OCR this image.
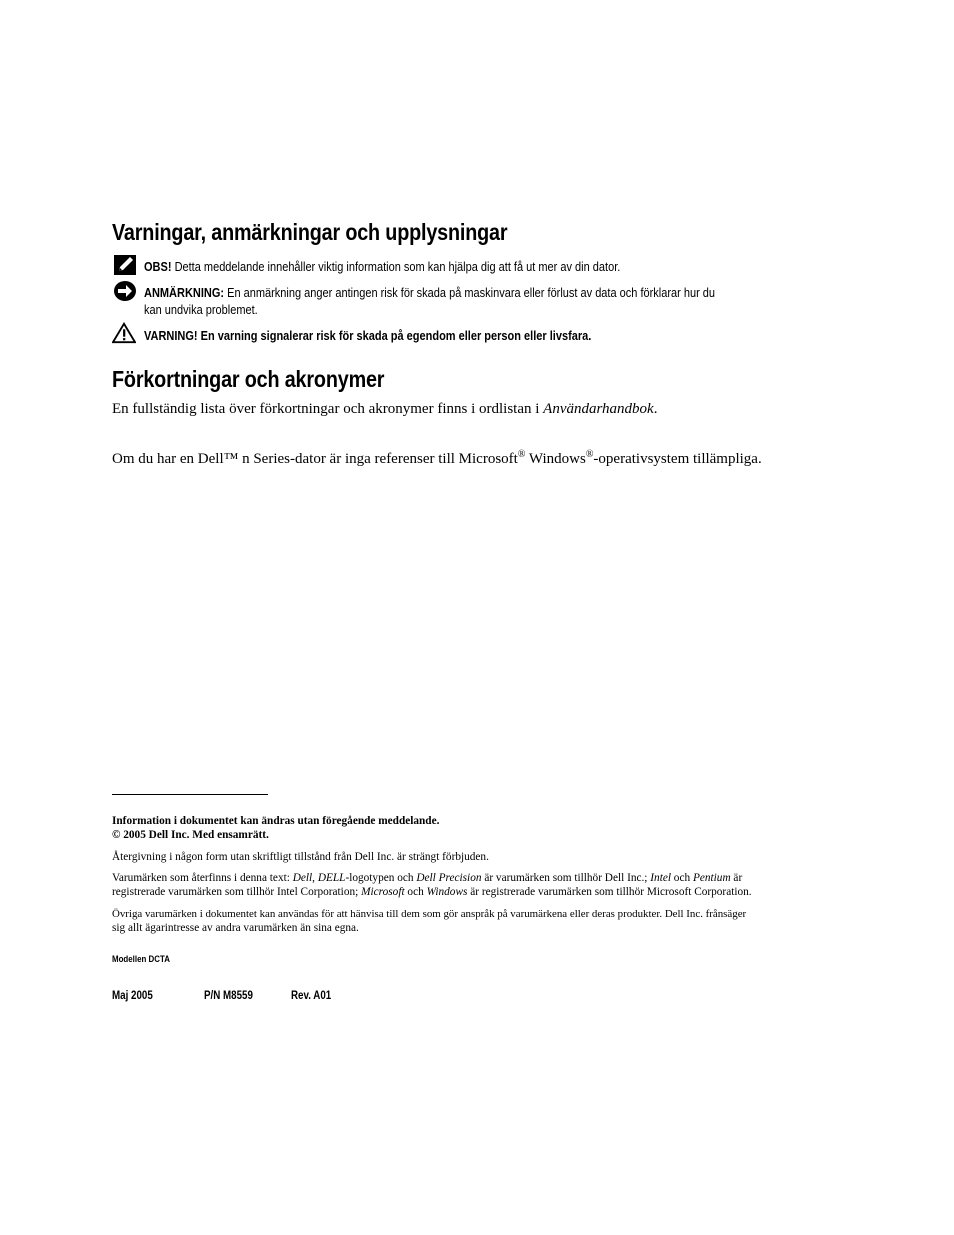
Varningar, anmärkningar och upplysningar
OBS! Detta meddelande innehåller viktig information som kan hjälpa dig att få ut mer av din dator.
ANMÄRKNING: En anmärkning anger antingen risk för skada på maskinvara eller förlust av data och förklarar hur du
kan undvika problemet.
VARNING! En varning signalerar risk för skada på egendom eller person eller livsfara.
Förkortningar och akronymer
En fullständig lista över förkortningar och akronymer finns i ordlistan i Användarhandbok.
Om du har en Dell™ n Series-dator är inga referenser till Microsoft® Windows®-operativsystem tillämpliga.
Information i dokumentet kan ändras utan föregående meddelande.
© 2005 Dell Inc. Med ensamrätt.
Återgivning i någon form utan skriftligt tillstånd från Dell Inc. är strängt förbjuden.
Varumärken som återfinns i denna text: Dell, DELL-logotypen och Dell Precision är varumärken som tillhör Dell Inc.; Intel och Pentium är
registrerade varumärken som tillhör Intel Corporation; Microsoft och Windows är registrerade varumärken som tillhör Microsoft Corporation.
Övriga varumärken i dokumentet kan användas för att hänvisa till dem som gör anspråk på varumärkena eller deras produkter. Dell Inc. frånsäger
sig allt ägarintresse av andra varumärken än sina egna.
Modellen DCTA
Maj 2005	P/N M8559	Rev. A01
